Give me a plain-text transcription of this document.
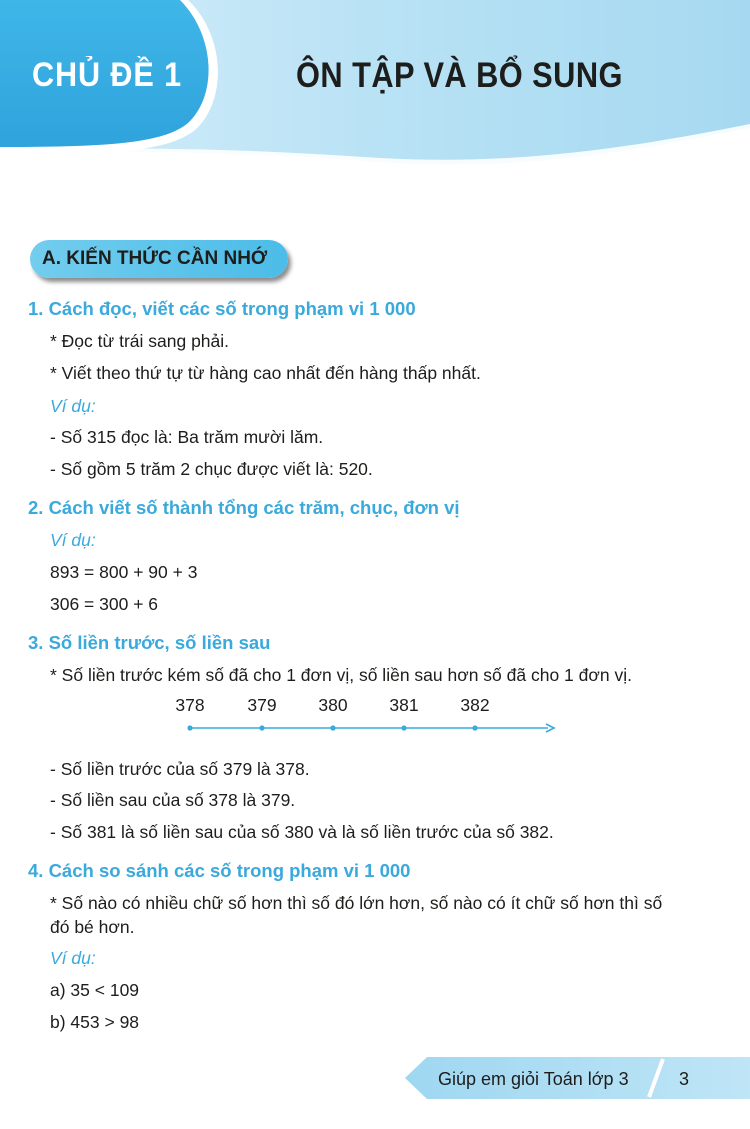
CHỦ ĐỀ 1	ÔN TẬP VÀ BỔ SUNG
A. KIẾN THỨC CẦN NHỚ
1. Cách đọc, viết các số trong phạm vi 1 000
* Đọc từ trái sang phải.
* Viết theo thứ tự từ hàng cao nhất đến hàng thấp nhất.
Ví dụ:
- Số 315 đọc là: Ba trăm mười lăm.
- Số gồm 5 trăm 2 chục được viết là: 520.
2. Cách viết số thành tổng các trăm, chục, đơn vị
Ví dụ:
893 = 800 + 90 + 3
306 = 300 + 6
3. Số liền trước, số liền sau
* Số liền trước kém số đã cho 1 đơn vị, số liền sau hơn số đã cho 1 đơn vị.
378 379 380 381 382
- Số liền trước của số 379 là 378.
- Số liền sau của số 378 là 379.
- Số 381 là số liền sau của số 380 và là số liền trước của số 382.
4. Cách so sánh các số trong phạm vi 1 000
* Số nào có nhiều chữ số hơn thì số đó lớn hơn, số nào có ít chữ số hơn thì số
đó bé hơn.
Ví dụ:
a) 35 < 109
b) 453 > 98
Giúp em giỏi Toán lớp 3	3
